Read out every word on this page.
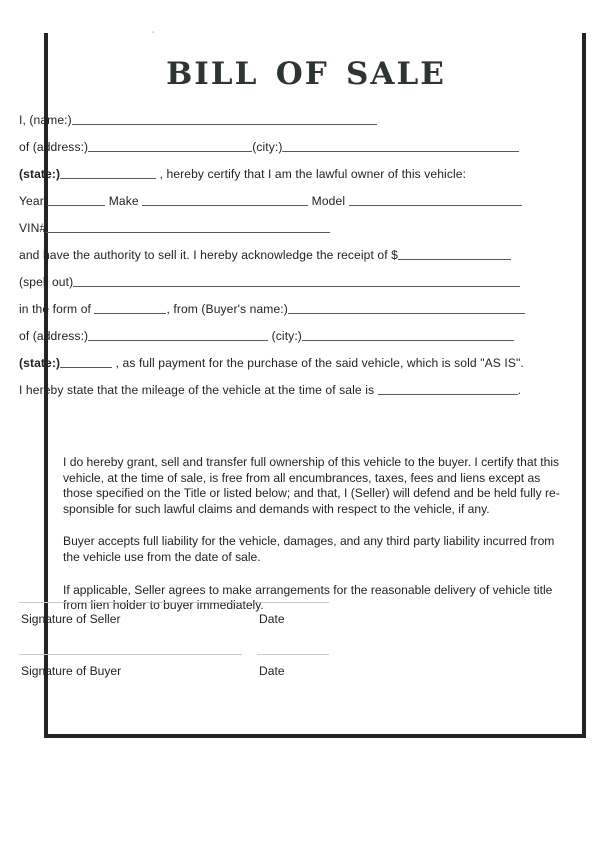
bill of sale
I, (name:)
of (address:)	(city:)
(state:)	, hereby certify that I am the lawful owner of this vehicle:
Year	Make	Model
VIN#
and have the authority to sell it. I hereby acknowledge the receipt of $
(spell out)
in the form of	, from (Buyer's name:)
of (address:)	(city:)
(state:)	, as full payment for the purchase of the said vehicle, which is sold "AS IS".
I hereby state that the mileage of the vehicle at the time of sale is	.

I do hereby grant, sell and transfer full ownership of this vehicle to the buyer. I certify that this vehicle, at the time of sale, is free from all encumbrances, taxes, fees and liens except as those specified on the Title or listed below; and that, I (Seller) will defend and be held fully re-sponsible for such lawful claims and demands with respect to the vehicle, if any.

Buyer accepts full liability for the vehicle, damages, and any third party liability incurred from the vehicle use from the date of sale.

If applicable, Seller agrees to make arrangements for the reasonable delivery of vehicle title from lien holder to buyer immediately.

Signature of Seller	Date
Signature of Buyer	Date
